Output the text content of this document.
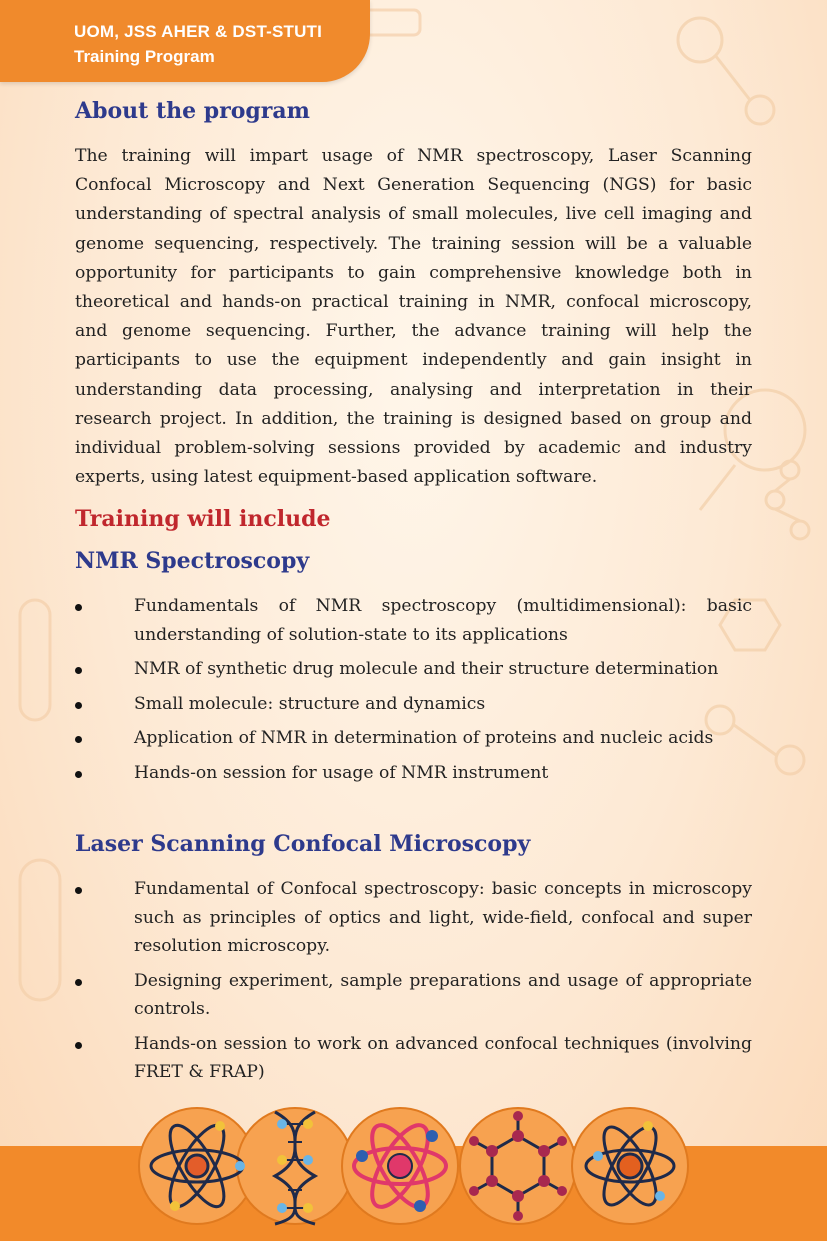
UOM, JSS AHER & DST-STUTI
Training Program
About the program

The training will impart usage of NMR spectroscopy, Laser Scanning Confocal Microscopy and Next Generation Sequencing (NGS) for basic understanding of spectral analysis of small molecules, live cell imaging and genome sequencing, respectively. The training session will be a valuable opportunity for participants to gain comprehensive knowledge both in theoretical and hands-on practical training in NMR, confocal microscopy, and genome sequencing. Further, the advance training will help the participants to use the equipment independently and gain insight in understanding data processing, analysing and interpretation in their research project. In addition, the training is designed based on group and individual problem-solving sessions provided by academic and industry experts, using latest equipment-based application software.

Training will include
NMR Spectroscopy
Fundamentals of NMR spectroscopy (multidimensional): basic understanding of solution-state to its applications
NMR of synthetic drug molecule and their structure determination
Small molecule: structure and dynamics
Application of NMR in determination of proteins and nucleic acids
Hands-on session for usage of NMR instrument
Laser Scanning Confocal Microscopy
Fundamental of Confocal spectroscopy: basic concepts in microscopy such as principles of optics and light, wide-field, confocal and super resolution microscopy.
Designing experiment, sample preparations and usage of appropriate controls.
Hands-on session to work on advanced confocal techniques (involving FRET & FRAP)
